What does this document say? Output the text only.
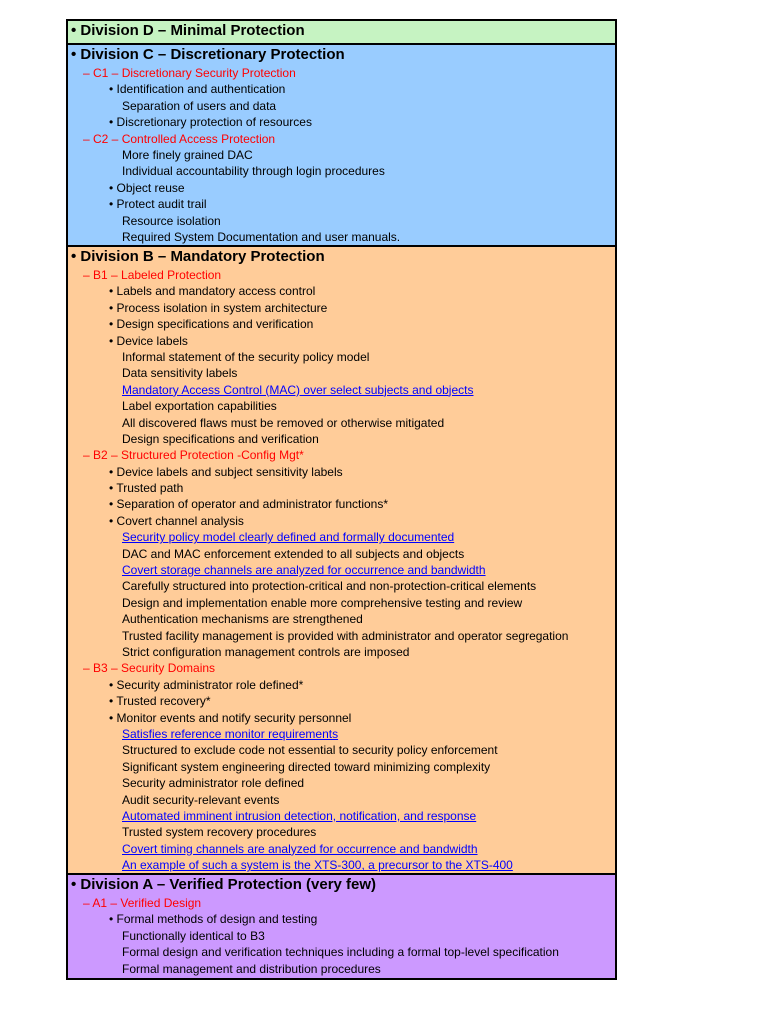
• Division D – Minimal Protection
• Division C – Discretionary Protection
– C1 – Discretionary Security Protection
• Identification and authentication
Separation of users and data
• Discretionary protection of resources
– C2 – Controlled Access Protection
More finely grained DAC
Individual accountability through login procedures
• Object reuse
• Protect audit trail
Resource isolation
Required System Documentation and user manuals.
• Division B – Mandatory Protection
– B1 – Labeled Protection
• Labels and mandatory access control
• Process isolation in system architecture
• Design specifications and verification
• Device labels
Informal statement of the security policy model
Data sensitivity labels
Mandatory Access Control (MAC) over select subjects and objects
Label exportation capabilities
All discovered flaws must be removed or otherwise mitigated
Design specifications and verification
– B2 – Structured Protection -Config Mgt*
• Device labels and subject sensitivity labels
• Trusted path
• Separation of operator and administrator functions*
• Covert channel analysis
Security policy model clearly defined and formally documented
DAC and MAC enforcement extended to all subjects and objects
Covert storage channels are analyzed for occurrence and bandwidth
Carefully structured into protection-critical and non-protection-critical elements
Design and implementation enable more comprehensive testing and review
Authentication mechanisms are strengthened
Trusted facility management is provided with administrator and operator segregation
Strict configuration management controls are imposed
– B3 – Security Domains
• Security administrator role defined*
• Trusted recovery*
• Monitor events and notify security personnel
Satisfies reference monitor requirements
Structured to exclude code not essential to security policy enforcement
Significant system engineering directed toward minimizing complexity
Security administrator role defined
Audit security-relevant events
Automated imminent intrusion detection, notification, and response
Trusted system recovery procedures
Covert timing channels are analyzed for occurrence and bandwidth
An example of such a system is the XTS-300, a precursor to the XTS-400
• Division A – Verified Protection (very few)
– A1 – Verified Design
• Formal methods of design and testing
Functionally identical to B3
Formal design and verification techniques including a formal top-level specification
Formal management and distribution procedures
